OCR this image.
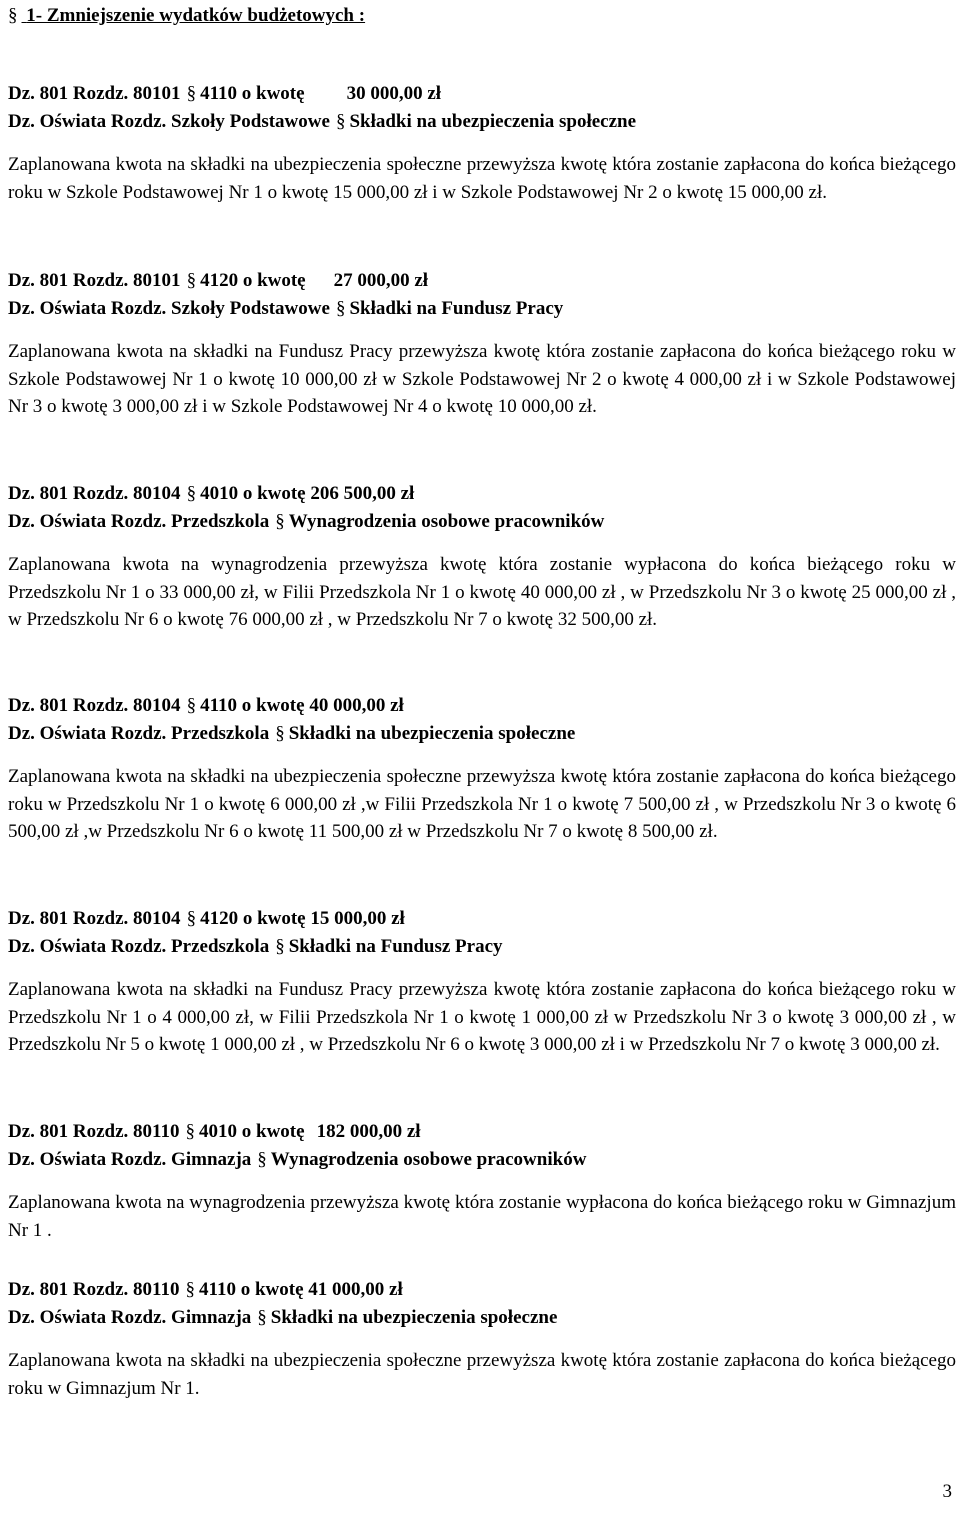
§ 1- Zmniejszenie wydatków budżetowych :
Dz. 801 Rozdz. 80101 § 4110 o kwotę 30 000,00 zł
Dz. Oświata Rozdz. Szkoły Podstawowe § Składki na ubezpieczenia społeczne
Zaplanowana kwota na składki na ubezpieczenia społeczne przewyższa kwotę która zostanie zapłacona do końca bieżącego roku w Szkole Podstawowej Nr 1 o kwotę 15 000,00 zł i w Szkole Podstawowej Nr 2 o kwotę 15 000,00 zł.
Dz. 801 Rozdz. 80101 § 4120 o kwotę 27 000,00 zł
Dz. Oświata Rozdz. Szkoły Podstawowe § Składki na Fundusz Pracy
Zaplanowana kwota na składki na Fundusz Pracy przewyższa kwotę która zostanie zapłacona do końca bieżącego roku w Szkole Podstawowej Nr 1 o kwotę 10 000,00 zł w Szkole Podstawowej Nr 2 o kwotę 4 000,00 zł i w Szkole Podstawowej Nr 3 o kwotę 3 000,00 zł i w Szkole Podstawowej Nr 4 o kwotę 10 000,00 zł.
Dz. 801 Rozdz. 80104 § 4010 o kwotę 206 500,00 zł
Dz. Oświata Rozdz. Przedszkola § Wynagrodzenia osobowe pracowników
Zaplanowana kwota na wynagrodzenia przewyższa kwotę która zostanie wypłacona do końca bieżącego roku w Przedszkolu Nr 1 o 33 000,00 zł, w Filii Przedszkola Nr 1 o kwotę 40 000,00 zł , w Przedszkolu Nr 3 o kwotę 25 000,00 zł , w Przedszkolu Nr 6 o kwotę 76 000,00 zł , w Przedszkolu Nr 7 o kwotę 32 500,00 zł.
Dz. 801 Rozdz. 80104 § 4110 o kwotę 40 000,00 zł
Dz. Oświata Rozdz. Przedszkola § Składki na ubezpieczenia społeczne
Zaplanowana kwota na składki na ubezpieczenia społeczne przewyższa kwotę która zostanie zapłacona do końca bieżącego roku w Przedszkolu Nr 1 o kwotę 6 000,00 zł ,w Filii Przedszkola Nr 1 o kwotę 7 500,00 zł , w Przedszkolu Nr 3 o kwotę 6 500,00 zł ,w Przedszkolu Nr 6 o kwotę 11 500,00 zł w Przedszkolu Nr 7 o kwotę 8 500,00 zł.
Dz. 801 Rozdz. 80104 § 4120 o kwotę 15 000,00 zł
Dz. Oświata Rozdz. Przedszkola § Składki na Fundusz Pracy
Zaplanowana kwota na składki na Fundusz Pracy przewyższa kwotę która zostanie zapłacona do końca bieżącego roku w Przedszkolu Nr 1 o 4 000,00 zł, w Filii Przedszkola Nr 1 o kwotę 1 000,00 zł w Przedszkolu Nr 3 o kwotę 3 000,00 zł , w Przedszkolu Nr 5 o kwotę 1 000,00 zł , w Przedszkolu Nr 6 o kwotę 3 000,00 zł i w Przedszkolu Nr 7 o kwotę 3 000,00 zł.
Dz. 801 Rozdz. 80110 § 4010 o kwotę 182 000,00 zł
Dz. Oświata Rozdz. Gimnazja § Wynagrodzenia osobowe pracowników
Zaplanowana kwota na wynagrodzenia przewyższa kwotę która zostanie wypłacona do końca bieżącego roku w Gimnazjum Nr 1 .
Dz. 801 Rozdz. 80110 § 4110 o kwotę 41 000,00 zł
Dz. Oświata Rozdz. Gimnazja § Składki na ubezpieczenia społeczne
Zaplanowana kwota na składki na ubezpieczenia społeczne przewyższa kwotę która zostanie zapłacona do końca bieżącego roku w Gimnazjum Nr 1.
3
